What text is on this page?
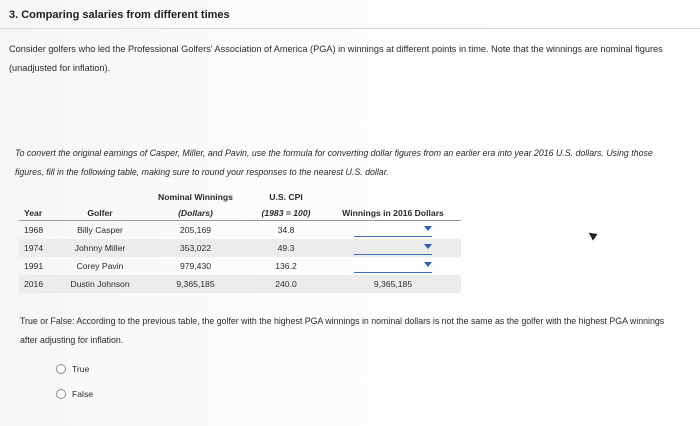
3. Comparing salaries from different times
Consider golfers who led the Professional Golfers' Association of America (PGA) in winnings at different points in time. Note that the winnings are nominal figures (unadjusted for inflation).
To convert the original earnings of Casper, Miller, and Pavin, use the formula for converting dollar figures from an earlier era into year 2016 U.S. dollars. Using those figures, fill in the following table, making sure to round your responses to the nearest U.S. dollar.
		Nominal Winnings	U.S. CPI	
Year	Golfer	(Dollars)	(1983 = 100)	Winnings in 2016 Dollars
1968	Billy Casper	205,169	34.8	

1974	Johnny Miller	353,022	49.3	

1991	Corey Pavin	979,430	136.2	

2016	Dustin Johnson	9,365,185	240.0	9,365,185
True or False: According to the previous table, the golfer with the highest PGA winnings in nominal dollars is not the same as the golfer with the highest PGA winnings after adjusting for inflation.
True
False
